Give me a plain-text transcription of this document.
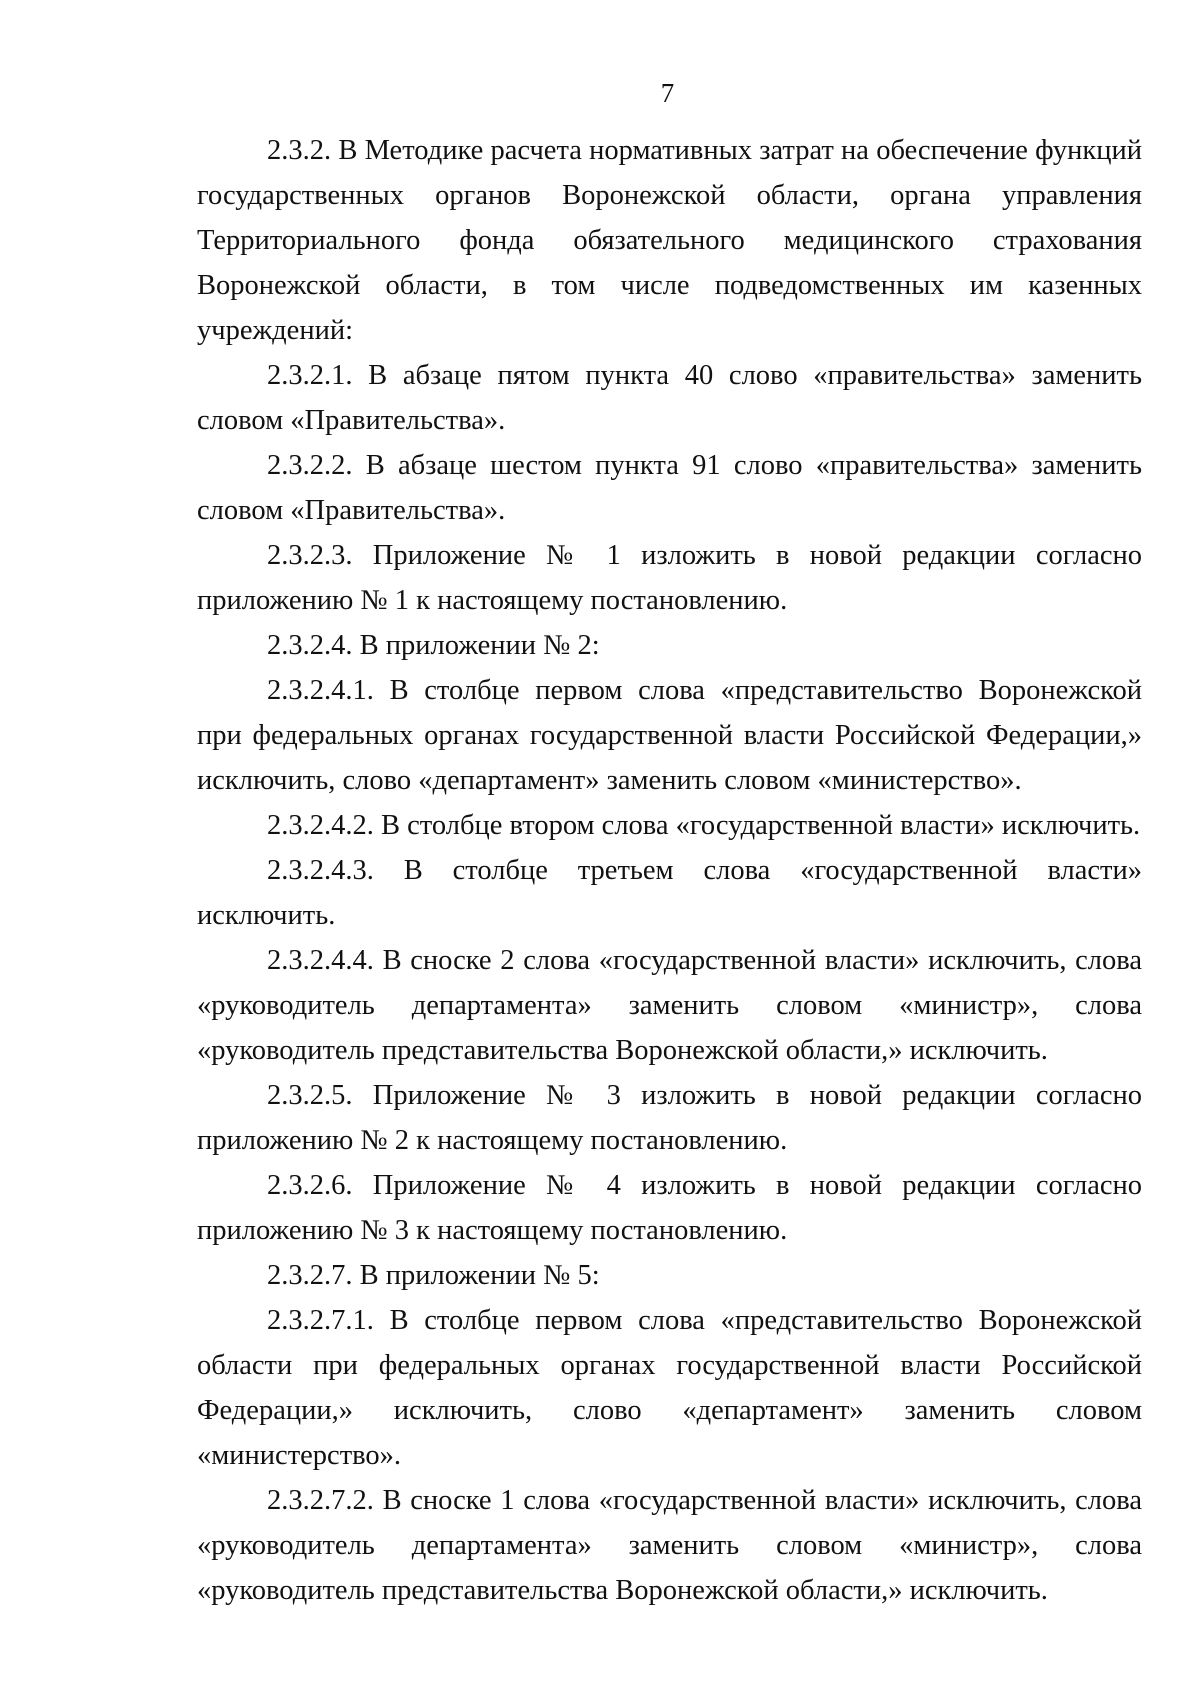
7

2.3.2. В Методике расчета нормативных затрат на обеспечение функций государственных органов Воронежской области, органа управления Территориального фонда обязательного медицинского страхования Воронежской области, в том числе подведомственных им казенных учреждений:

2.3.2.1. В абзаце пятом пункта 40 слово «правительства» заменить словом «Правительства».

2.3.2.2. В абзаце шестом пункта 91 слово «правительства» заменить словом «Правительства».

2.3.2.3. Приложение № 1 изложить в новой редакции согласно приложению № 1 к настоящему постановлению.

2.3.2.4. В приложении № 2:

2.3.2.4.1. В столбце первом слова «представительство Воронежской при федеральных органах государственной власти Российской Федерации,» исключить, слово «департамент» заменить словом «министерство».

2.3.2.4.2. В столбце втором слова «государственной власти» исключить.

2.3.2.4.3. В столбце третьем слова «государственной власти» исключить.

2.3.2.4.4. В сноске 2 слова «государственной власти» исключить, слова «руководитель департамента» заменить словом «министр», слова «руководитель представительства Воронежской области,» исключить.

2.3.2.5. Приложение № 3 изложить в новой редакции согласно приложению № 2 к настоящему постановлению.

2.3.2.6. Приложение № 4 изложить в новой редакции согласно приложению № 3 к настоящему постановлению.

2.3.2.7. В приложении № 5:

2.3.2.7.1. В столбце первом слова «представительство Воронежской области при федеральных органах государственной власти Российской Федерации,» исключить, слово «департамент» заменить словом «министерство».

2.3.2.7.2. В сноске 1 слова «государственной власти» исключить, слова «руководитель департамента» заменить словом «министр», слова «руководитель представительства Воронежской области,» исключить.
